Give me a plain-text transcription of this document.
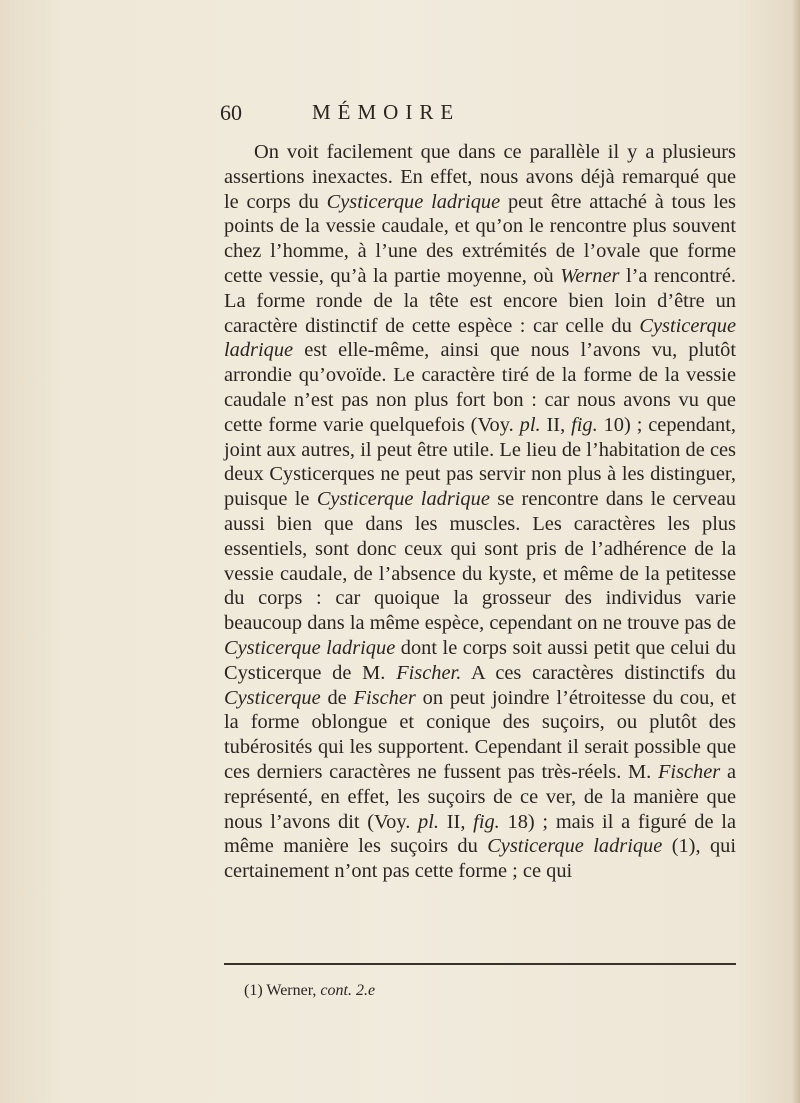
60	MÉMOIRE

On voit facilement que dans ce parallèle il y a plusieurs assertions inexactes. En effet, nous avons déjà remarqué que le corps du Cysticerque ladrique peut être attaché à tous les points de la vessie caudale, et qu’on le rencontre plus souvent chez l’homme, à l’une des extrémités de l’ovale que forme cette vessie, qu’à la partie moyenne, où Werner l’a rencontré. La forme ronde de la tête est encore bien loin d’être un caractère distinctif de cette espèce : car celle du Cysticerque ladrique est elle-même, ainsi que nous l’avons vu, plutôt arrondie qu’ovoïde. Le caractère tiré de la forme de la vessie caudale n’est pas non plus fort bon : car nous avons vu que cette forme varie quelquefois (Voy. pl. II, fig. 10) ; cependant, joint aux autres, il peut être utile. Le lieu de l’habitation de ces deux Cysticerques ne peut pas servir non plus à les distinguer, puisque le Cysticerque ladrique se rencontre dans le cerveau aussi bien que dans les muscles. Les caractères les plus essentiels, sont donc ceux qui sont pris de l’adhérence de la vessie caudale, de l’absence du kyste, et même de la petitesse du corps : car quoique la grosseur des individus varie beaucoup dans la même espèce, cependant on ne trouve pas de Cysticerque ladrique dont le corps soit aussi petit que celui du Cysticerque de M. Fischer. A ces caractères distinctifs du Cysticerque de Fischer on peut joindre l’étroitesse du cou, et la forme oblongue et conique des suçoirs, ou plutôt des tubérosités qui les supportent. Cependant il serait possible que ces derniers caractères ne fussent pas très-réels. M. Fischer a représenté, en effet, les suçoirs de ce ver, de la manière que nous l’avons dit (Voy. pl. II, fig. 18) ; mais il a figuré de la même manière les suçoirs du Cysticerque ladrique (1), qui certainement n’ont pas cette forme ; ce qui

(1) Werner, cont. 2.e
